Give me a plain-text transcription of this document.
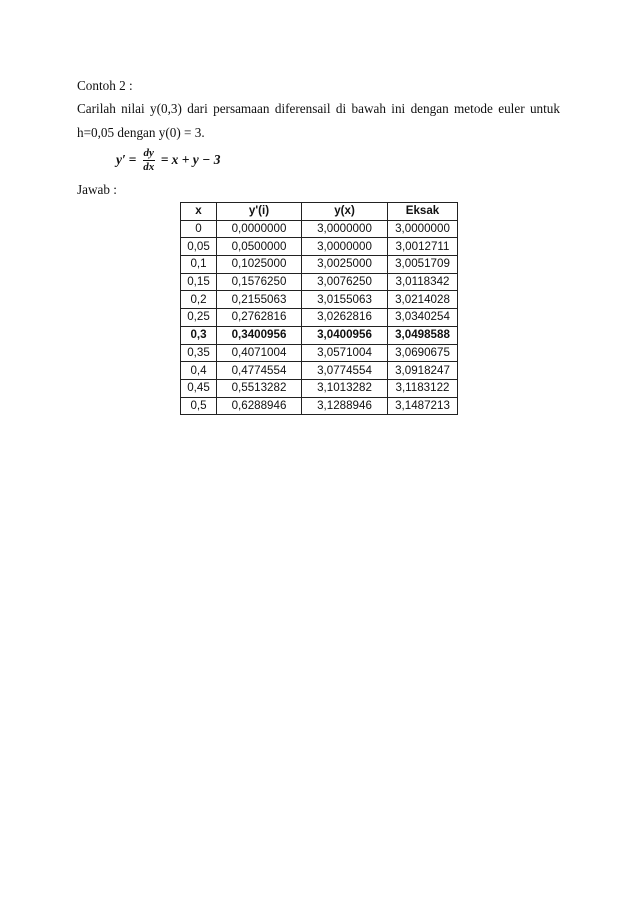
Contoh 2 :
Carilah nilai y(0,3) dari persamaan diferensail di bawah ini dengan metode euler untuk
h=0,05 dengan y(0) = 3.
$y' = \frac{dy}{dx} = x + y - 3$
Jawab :
x	y'(i)	y(x)	Eksak
0	0,0000000	3,0000000	3,0000000
0,05	0,0500000	3,0000000	3,0012711
0,1	0,1025000	3,0025000	3,0051709
0,15	0,1576250	3,0076250	3,0118342
0,2	0,2155063	3,0155063	3,0214028
0,25	0,2762816	3,0262816	3,0340254
0,3	0,3400956	3,0400956	3,0498588
0,35	0,4071004	3,0571004	3,0690675
0,4	0,4774554	3,0774554	3,0918247
0,45	0,5513282	3,1013282	3,1183122
0,5	0,6288946	3,1288946	3,1487213
